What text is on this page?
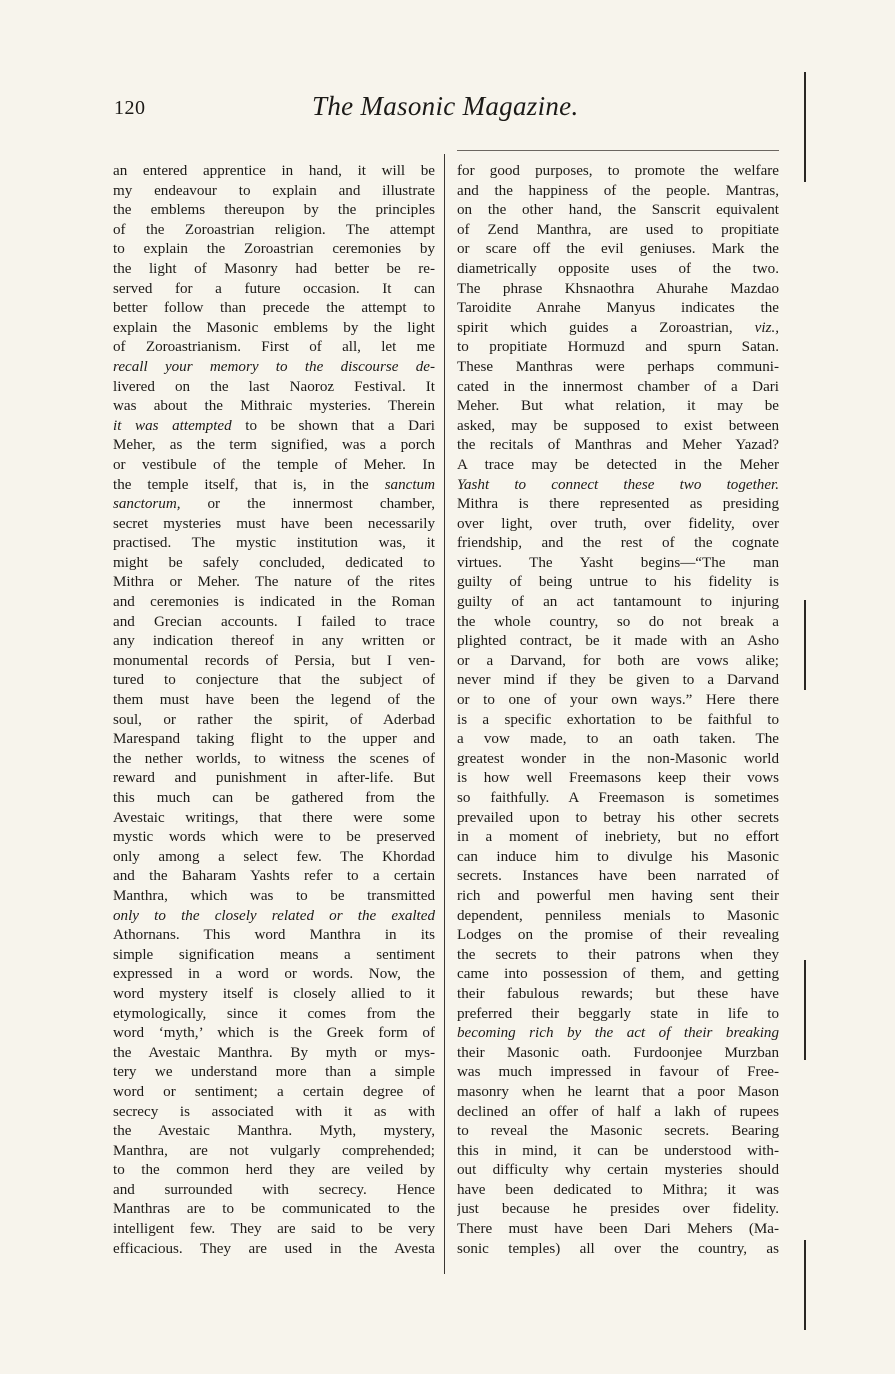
120	The Masonic Magazine.
an entered apprentice in hand, it will be
my endeavour to explain and illustrate
the emblems thereupon by the principles
of the Zoroastrian religion. The attempt
to explain the Zoroastrian ceremonies by
the light of Masonry had better be re-
served for a future occasion. It can
better follow than precede the attempt to
explain the Masonic emblems by the light
of Zoroastrianism. First of all, let me
recall your memory to the discourse de-
livered on the last Naoroz Festival. It
was about the Mithraic mysteries. Therein
it was attempted to be shown that a Dari
Meher, as the term signified, was a porch
or vestibule of the temple of Meher. In
the temple itself, that is, in the sanctum
sanctorum, or the innermost chamber,
secret mysteries must have been necessarily
practised. The mystic institution was, it
might be safely concluded, dedicated to
Mithra or Meher. The nature of the rites
and ceremonies is indicated in the Roman
and Grecian accounts. I failed to trace
any indication thereof in any written or
monumental records of Persia, but I ven-
tured to conjecture that the subject of
them must have been the legend of the
soul, or rather the spirit, of Aderbad
Marespand taking flight to the upper and
the nether worlds, to witness the scenes of
reward and punishment in after-life. But
this much can be gathered from the
Avestaic writings, that there were some
mystic words which were to be preserved
only among a select few. The Khordad
and the Baharam Yashts refer to a certain
Manthra, which was to be transmitted
only to the closely related or the exalted
Athornans. This word Manthra in its
simple signification means a sentiment
expressed in a word or words. Now, the
word mystery itself is closely allied to it
etymologically, since it comes from the
word ‘myth,’ which is the Greek form of
the Avestaic Manthra. By myth or mys-
tery we understand more than a simple
word or sentiment; a certain degree of
secrecy is associated with it as with
the Avestaic Manthra. Myth, mystery,
Manthra, are not vulgarly comprehended;
to the common herd they are veiled by
and surrounded with secrecy. Hence
Manthras are to be communicated to the
intelligent few. They are said to be very
efficacious. They are used in the Avesta
for good purposes, to promote the welfare
and the happiness of the people. Mantras,
on the other hand, the Sanscrit equivalent
of Zend Manthra, are used to propitiate
or scare off the evil geniuses. Mark the
diametrically opposite uses of the two.
The phrase Khsnaothra Ahurahe Mazdao
Taroidite Anrahe Manyus indicates the
spirit which guides a Zoroastrian, viz.,
to propitiate Hormuzd and spurn Satan.
These Manthras were perhaps communi-
cated in the innermost chamber of a Dari
Meher. But what relation, it may be
asked, may be supposed to exist between
the recitals of Manthras and Meher Yazad?
A trace may be detected in the Meher
Yasht to connect these two together.
Mithra is there represented as presiding
over light, over truth, over fidelity, over
friendship, and the rest of the cognate
virtues. The Yasht begins—“The man
guilty of being untrue to his fidelity is
guilty of an act tantamount to injuring
the whole country, so do not break a
plighted contract, be it made with an Asho
or a Darvand, for both are vows alike;
never mind if they be given to a Darvand
or to one of your own ways.” Here there
is a specific exhortation to be faithful to
a vow made, to an oath taken. The
greatest wonder in the non-Masonic world
is how well Freemasons keep their vows
so faithfully. A Freemason is sometimes
prevailed upon to betray his other secrets
in a moment of inebriety, but no effort
can induce him to divulge his Masonic
secrets. Instances have been narrated of
rich and powerful men having sent their
dependent, penniless menials to Masonic
Lodges on the promise of their revealing
the secrets to their patrons when they
came into possession of them, and getting
their fabulous rewards; but these have
preferred their beggarly state in life to
becoming rich by the act of their breaking
their Masonic oath. Furdoonjee Murzban
was much impressed in favour of Free-
masonry when he learnt that a poor Mason
declined an offer of half a lakh of rupees
to reveal the Masonic secrets. Bearing
this in mind, it can be understood with-
out difficulty why certain mysteries should
have been dedicated to Mithra; it was
just because he presides over fidelity.
There must have been Dari Mehers (Ma-
sonic temples) all over the country, as
